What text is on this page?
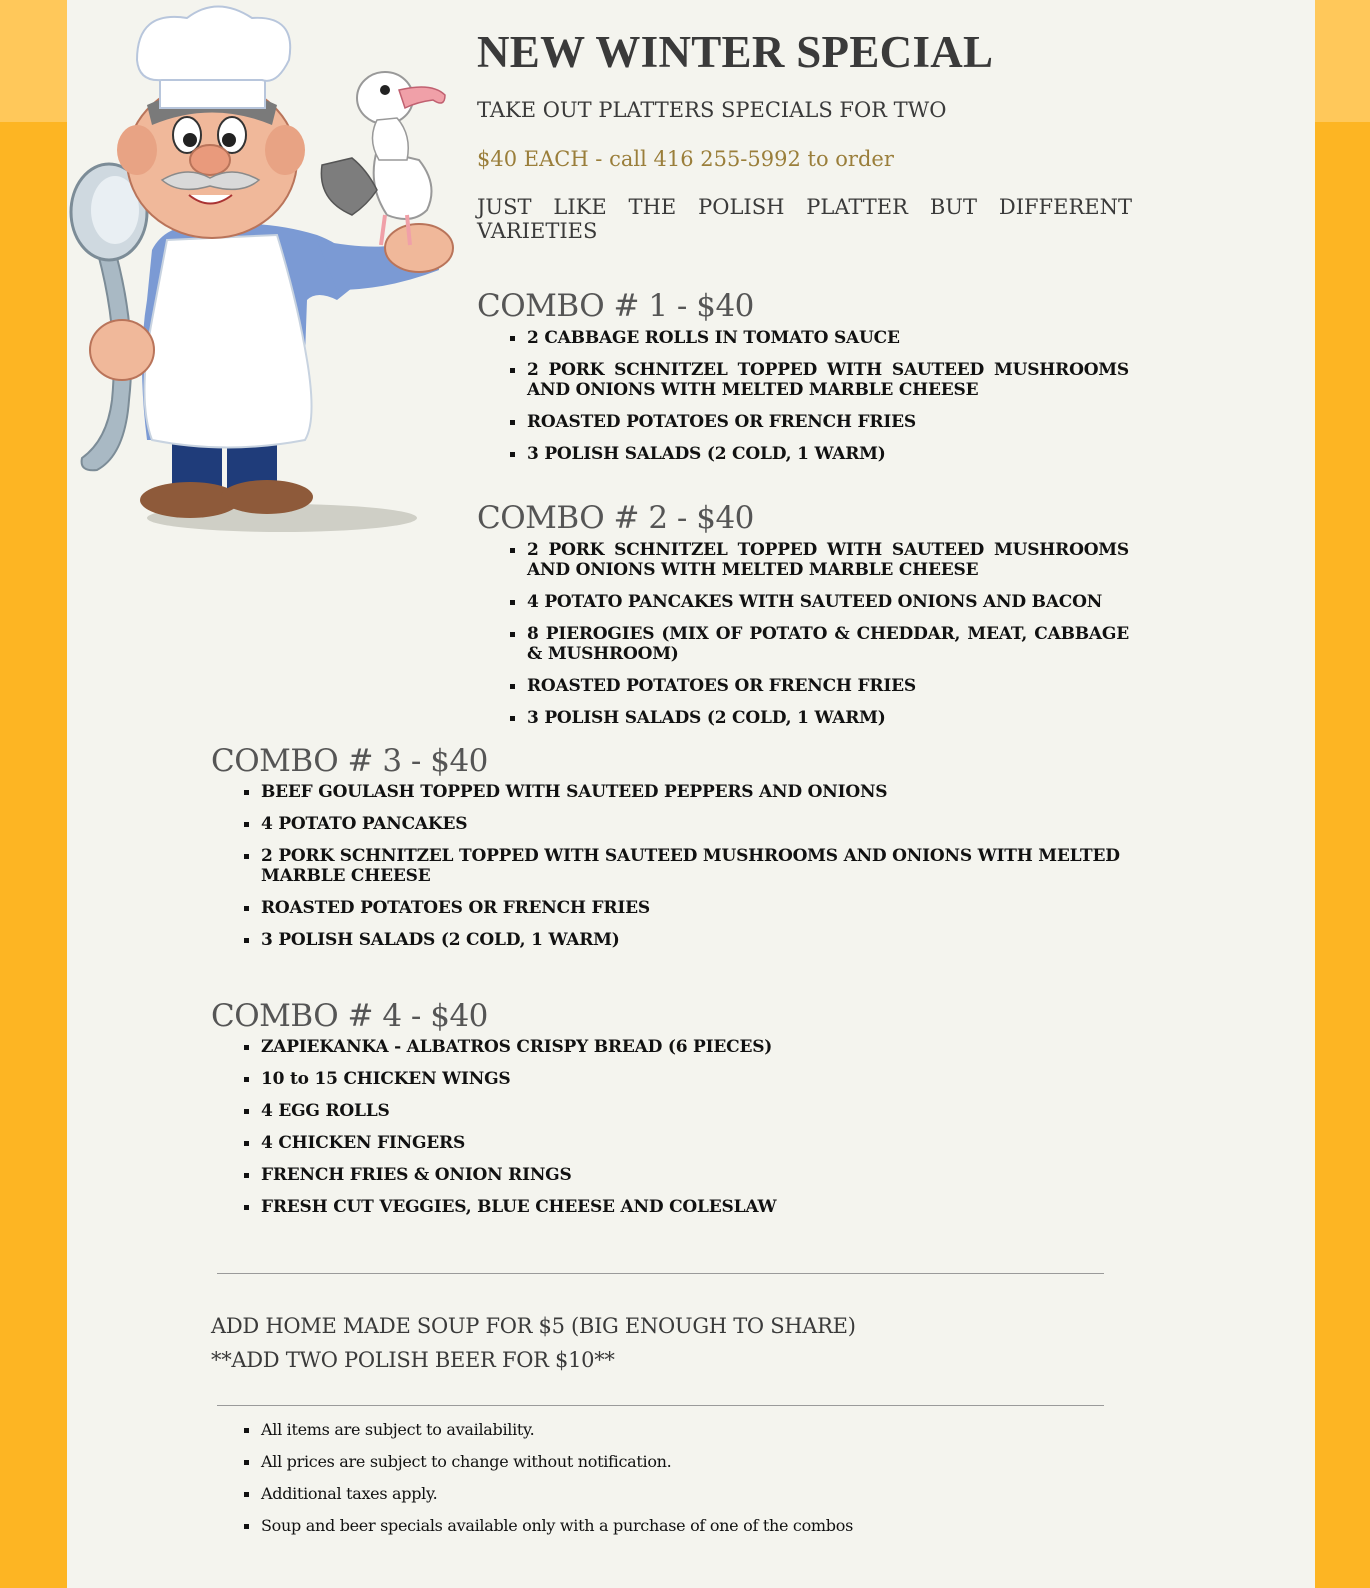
NEW WINTER SPECIAL
TAKE OUT PLATTERS SPECIALS FOR TWO
$40 EACH - call 416 255-5992 to order
JUST LIKE THE POLISH PLATTER BUT DIFFERENT VARIETIES
COMBO # 1 - $40
2 CABBAGE ROLLS IN TOMATO SAUCE
2 PORK SCHNITZEL TOPPED WITH SAUTEED MUSHROOMS AND ONIONS WITH MELTED MARBLE CHEESE
ROASTED POTATOES OR FRENCH FRIES
3 POLISH SALADS (2 COLD, 1 WARM)
COMBO # 2 - $40
2 PORK SCHNITZEL TOPPED WITH SAUTEED MUSHROOMS AND ONIONS WITH MELTED MARBLE CHEESE
4 POTATO PANCAKES WITH SAUTEED ONIONS AND BACON
8 PIEROGIES (MIX OF POTATO & CHEDDAR, MEAT, CABBAGE & MUSHROOM)
ROASTED POTATOES OR FRENCH FRIES
3 POLISH SALADS (2 COLD, 1 WARM)
COMBO # 3 - $40
BEEF GOULASH TOPPED WITH SAUTEED PEPPERS AND ONIONS
4 POTATO PANCAKES
2 PORK SCHNITZEL TOPPED WITH SAUTEED MUSHROOMS AND ONIONS WITH MELTED MARBLE CHEESE
ROASTED POTATOES OR FRENCH FRIES
3 POLISH SALADS (2 COLD, 1 WARM)
COMBO # 4 - $40
ZAPIEKANKA - ALBATROS CRISPY BREAD (6 PIECES)
10 to 15 CHICKEN WINGS
4 EGG ROLLS
4 CHICKEN FINGERS
FRENCH FRIES & ONION RINGS
FRESH CUT VEGGIES, BLUE CHEESE AND COLESLAW
ADD HOME MADE SOUP FOR $5 (BIG ENOUGH TO SHARE)
**ADD TWO POLISH BEER FOR $10**
All items are subject to availability.
All prices are subject to change without notification.
Additional taxes apply.
Soup and beer specials available only with a purchase of one of the combos
